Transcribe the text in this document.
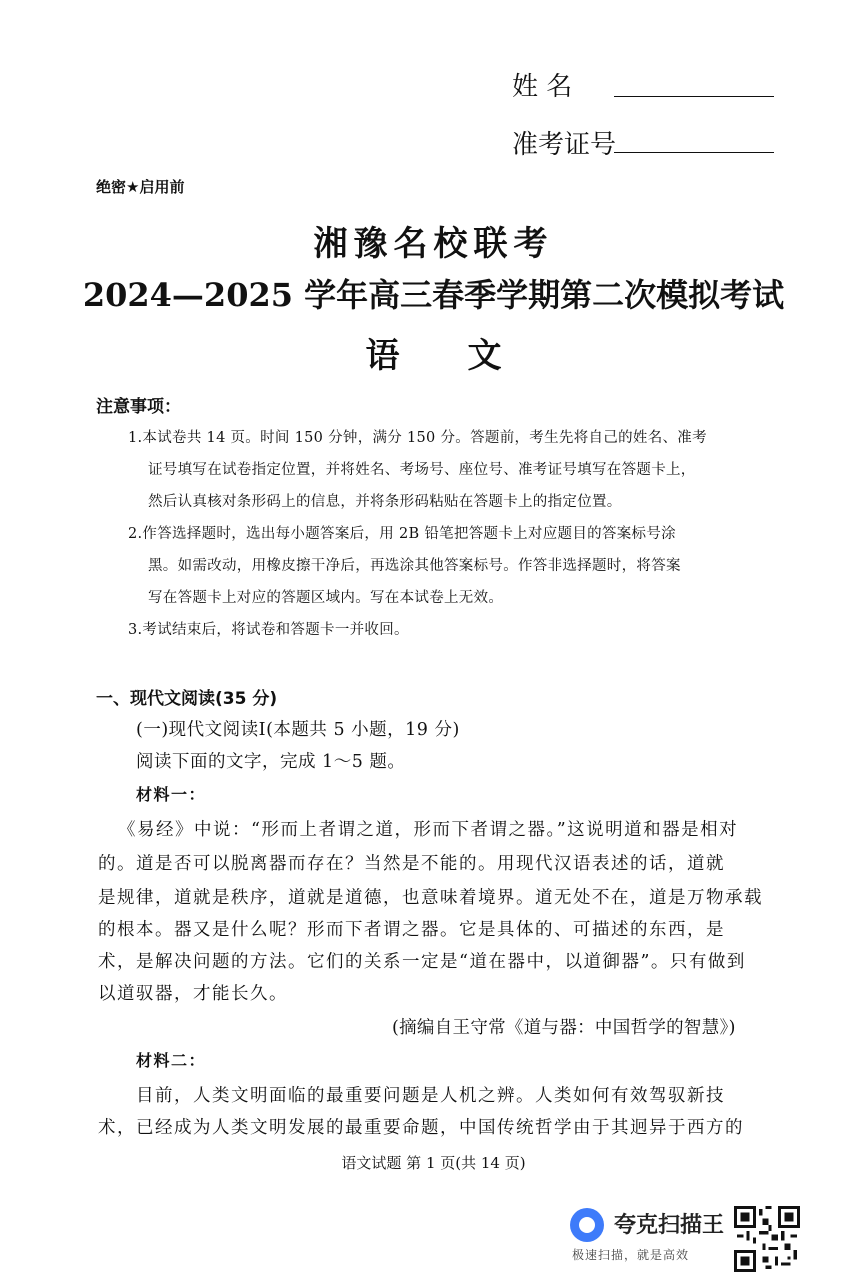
姓 名
准考证号
绝密★启用前
湘豫名校联考
2024—2025 学年高三春季学期第二次模拟考试
语文
注意事项：
1.本试卷共 14 页。时间 150 分钟，满分 150 分。答题前，考生先将自己的姓名、准考
证号填写在试卷指定位置，并将姓名、考场号、座位号、准考证号填写在答题卡上，
然后认真核对条形码上的信息，并将条形码粘贴在答题卡上的指定位置。
2.作答选择题时，选出每小题答案后，用 2B 铅笔把答题卡上对应题目的答案标号涂
黑。如需改动，用橡皮擦干净后，再选涂其他答案标号。作答非选择题时，将答案
写在答题卡上对应的答题区域内。写在本试卷上无效。
3.考试结束后，将试卷和答题卡一并收回。
一、现代文阅读(35 分)
(一)现代文阅读Ⅰ(本题共 5 小题，19 分)
阅读下面的文字，完成 1～5 题。
材料一：
《易经》中说：“形而上者谓之道，形而下者谓之器。”这说明道和器是相对
的。道是否可以脱离器而存在？当然是不能的。用现代汉语表述的话，道就
是规律，道就是秩序，道就是道德，也意味着境界。道无处不在，道是万物承载
的根本。器又是什么呢？形而下者谓之器。它是具体的、可描述的东西，是
术，是解决问题的方法。它们的关系一定是“道在器中，以道御器”。只有做到
以道驭器，才能长久。
(摘编自王守常《道与器：中国哲学的智慧》)
材料二：
目前，人类文明面临的最重要问题是人机之辨。人类如何有效驾驭新技
术，已经成为人类文明发展的最重要命题，中国传统哲学由于其迥异于西方的
语文试题 第 1 页(共 14 页)
夸克扫描王
极速扫描，就是高效
